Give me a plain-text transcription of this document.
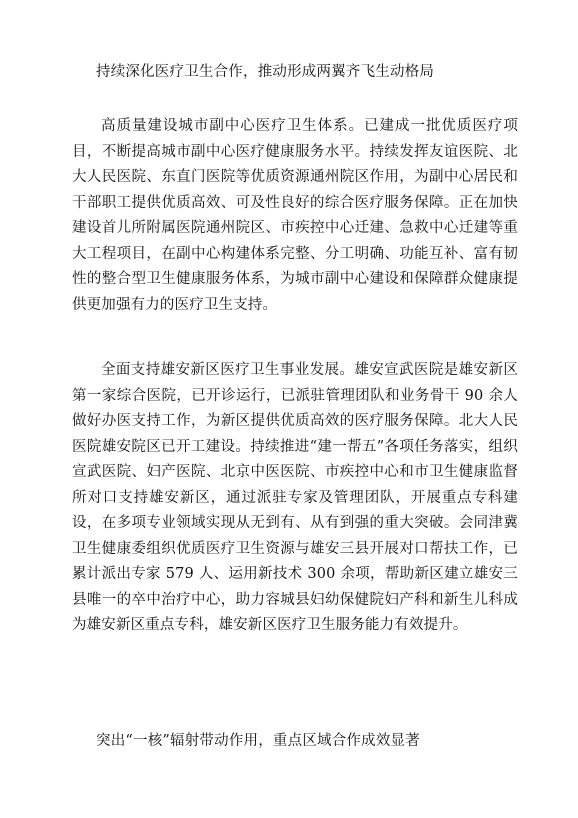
持续深化医疗卫生合作，推动形成两翼齐飞生动格局

高质量建设城市副中心医疗卫生体系。已建成一批优质医疗项目，不断提高城市副中心医疗健康服务水平。持续发挥友谊医院、北大人民医院、东直门医院等优质资源通州院区作用，为副中心居民和干部职工提供优质高效、可及性良好的综合医疗服务保障。正在加快建设首儿所附属医院通州院区、市疾控中心迁建、急救中心迁建等重大工程项目，在副中心构建体系完整、分工明确、功能互补、富有韧性的整合型卫生健康服务体系，为城市副中心建设和保障群众健康提供更加强有力的医疗卫生支持。

全面支持雄安新区医疗卫生事业发展。雄安宣武医院是雄安新区第一家综合医院，已开诊运行，已派驻管理团队和业务骨干 90 余人做好办医支持工作，为新区提供优质高效的医疗服务保障。北大人民医院雄安院区已开工建设。持续推进“建一帮五”各项任务落实，组织宣武医院、妇产医院、北京中医医院、市疾控中心和市卫生健康监督所对口支持雄安新区，通过派驻专家及管理团队，开展重点专科建设，在多项专业领域实现从无到有、从有到强的重大突破。会同津冀卫生健康委组织优质医疗卫生资源与雄安三县开展对口帮扶工作，已累计派出专家 579 人、运用新技术 300 余项，帮助新区建立雄安三县唯一的卒中治疗中心，助力容城县妇幼保健院妇产科和新生儿科成为雄安新区重点专科，雄安新区医疗卫生服务能力有效提升。

突出“一核”辐射带动作用，重点区域合作成效显著
